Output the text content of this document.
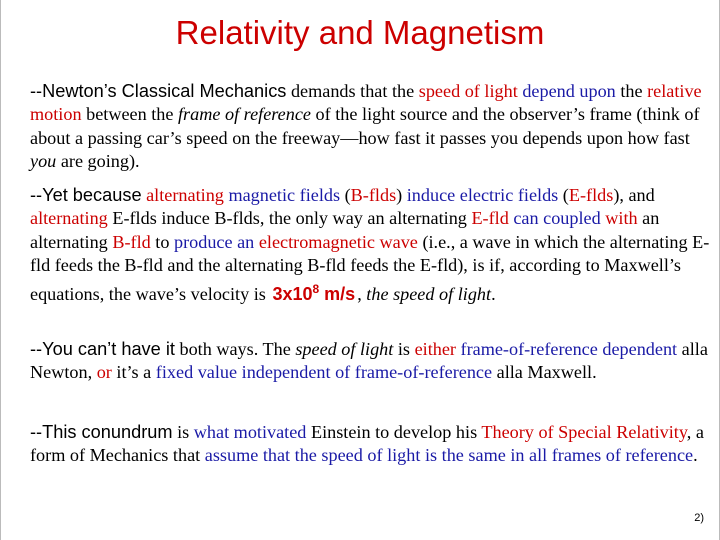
Relativity and Magnetism
--Newton’s Classical Mechanics demands that the speed of light depend upon the relative motion between the frame of reference of the light source and the observer’s frame (think of about a passing car’s speed on the freeway—how fast it passes you depends upon how fast you are going).
--Yet because alternating magnetic fields (B-flds) induce electric fields (E-flds), and alternating E-flds induce B-flds, the only way an alternating E-fld can coupled with an alternating B-fld to produce an electromagnetic wave (i.e., a wave in which the alternating E-fld feeds the B-fld and the alternating B-fld feeds the E-fld), is if, according to Maxwell’s equations, the wave’s velocity is $3x10^8$ m/s , the speed of light.
--You can’t have it both ways. The speed of light is either frame-of-reference dependent alla Newton, or it’s a fixed value independent of frame-of-reference alla Maxwell.
--This conundrum is what motivated Einstein to develop his Theory of Special Relativity, a form of Mechanics that assume that the speed of light is the same in all frames of reference.
2)
